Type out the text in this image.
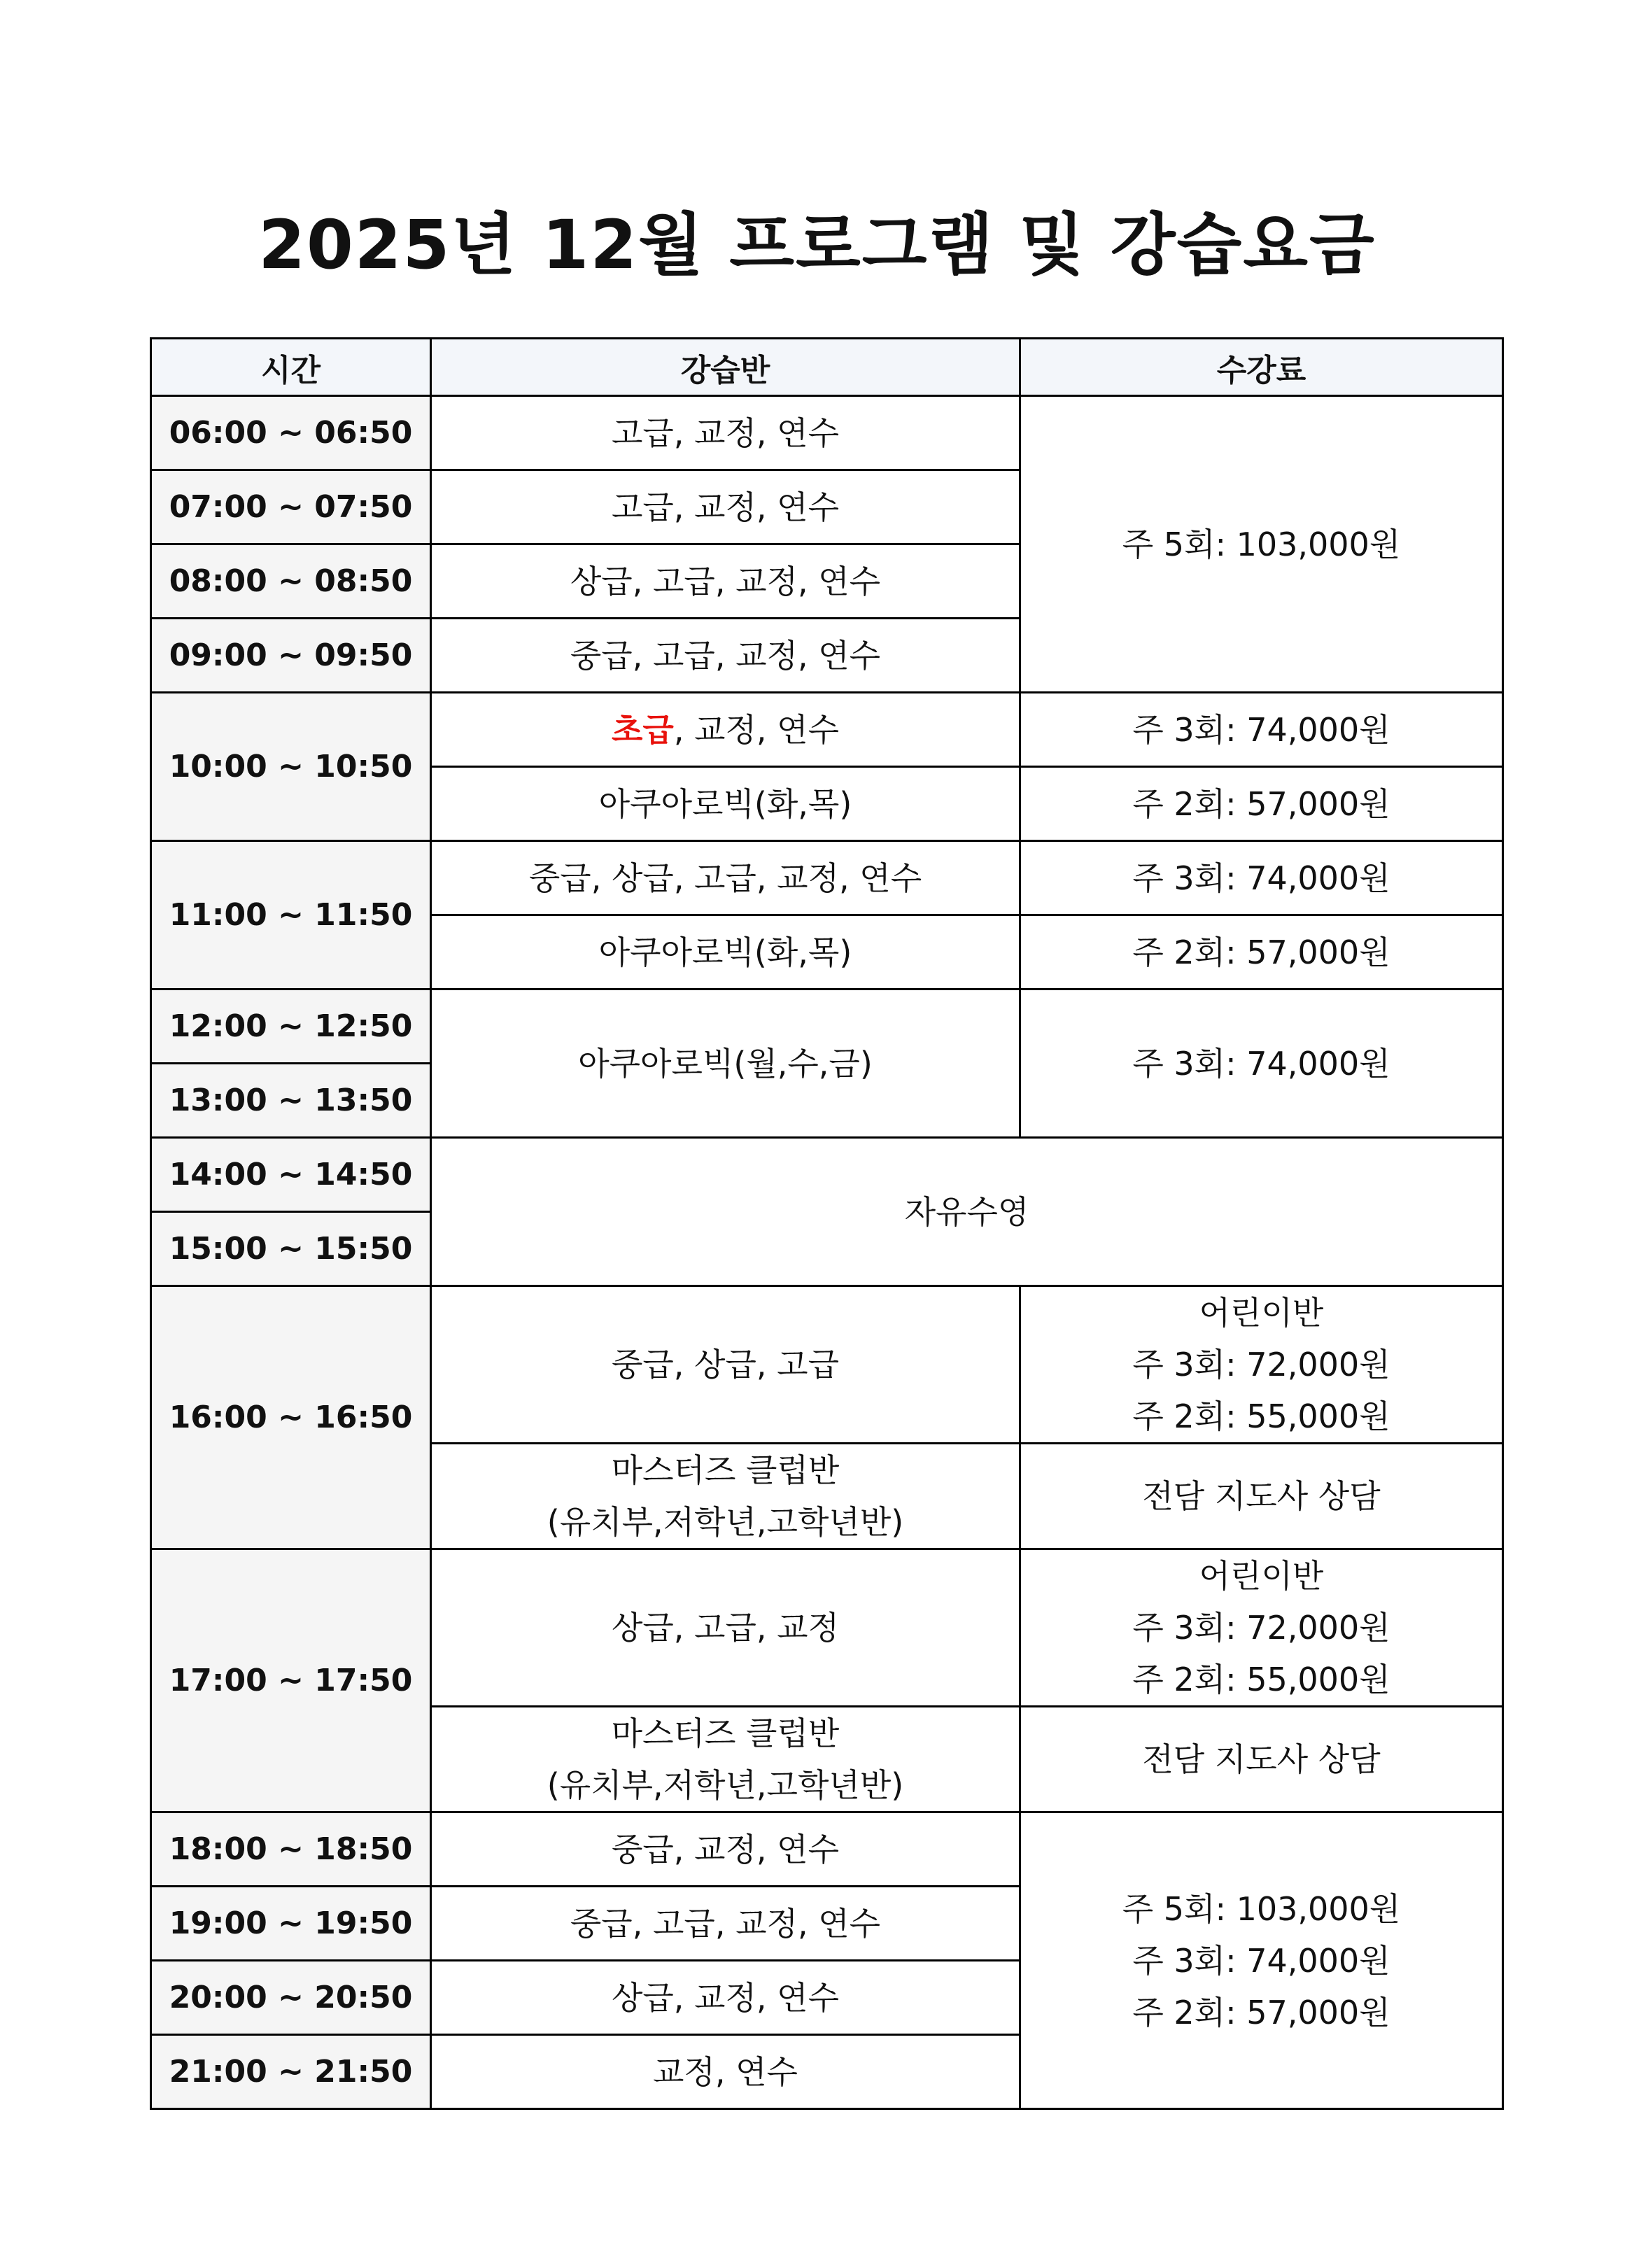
2025년 12월 프로그램 및 강습요금
시간	강습반	수강료
06:00 ~ 06:50	고급, 교정, 연수	주 5회: 103,000원
07:00 ~ 07:50	고급, 교정, 연수	
08:00 ~ 08:50	상급, 고급, 교정, 연수	
09:00 ~ 09:50	중급, 고급, 교정, 연수	
10:00 ~ 10:50	초급, 교정, 연수	주 3회: 74,000원
	아쿠아로빅(화,목)	주 2회: 57,000원
11:00 ~ 11:50	중급, 상급, 고급, 교정, 연수	주 3회: 74,000원
	아쿠아로빅(화,목)	주 2회: 57,000원
12:00 ~ 12:50	아쿠아로빅(월,수,금)	주 3회: 74,000원
13:00 ~ 13:50		
14:00 ~ 14:50	자유수영	
15:00 ~ 15:50		
16:00 ~ 16:50	중급, 상급, 고급	어린이반
주 3회: 72,000원
주 2회: 55,000원

	마스터즈 클럽반
(유치부,저학년,고학년반)	전담 지도사 상담
17:00 ~ 17:50	상급, 고급, 교정	어린이반
주 3회: 72,000원
주 2회: 55,000원

	마스터즈 클럽반
(유치부,저학년,고학년반)	전담 지도사 상담
18:00 ~ 18:50	중급, 교정, 연수	주 5회: 103,000원
주 3회: 74,000원
주 2회: 57,000원

19:00 ~ 19:50	중급, 고급, 교정, 연수	
20:00 ~ 20:50	상급, 교정, 연수	
21:00 ~ 21:50	교정, 연수	
